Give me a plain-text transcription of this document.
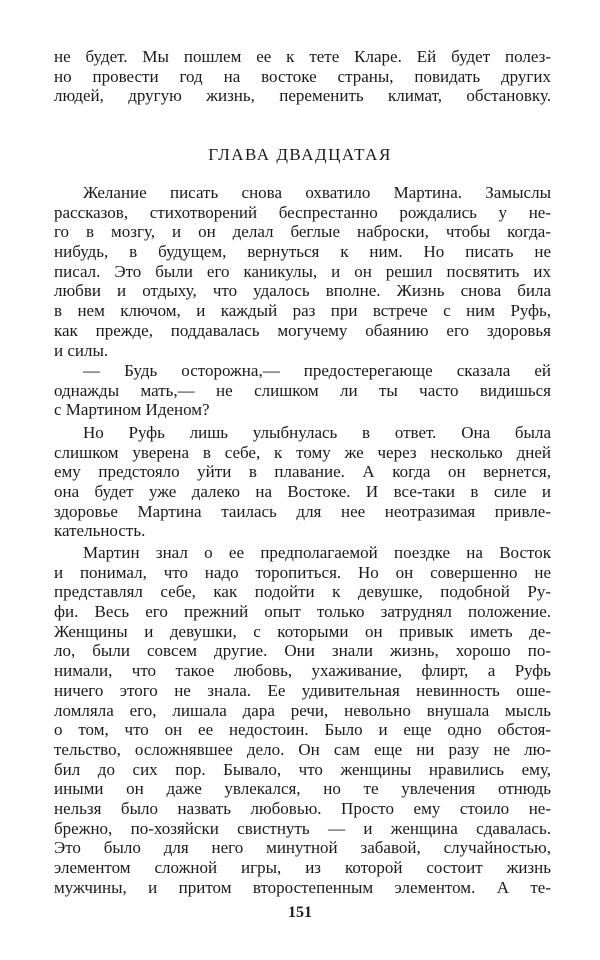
не будет. Мы пошлем ее к тете Кларе. Ей будет полез-
но провести год на востоке страны, повидать других
людей, другую жизнь, переменить климат, обстановку.
ГЛАВА ДВАДЦАТАЯ
Желание писать снова охватило Мартина. Замыслы
рассказов, стихотворений беспрестанно рождались у не-
го в мозгу, и он делал беглые наброски, чтобы когда-
нибудь, в будущем, вернуться к ним. Но писать не
писал. Это были его каникулы, и он решил посвятить их
любви и отдыху, что удалось вполне. Жизнь снова била
в нем ключом, и каждый раз при встрече с ним Руфь,
как прежде, поддавалась могучему обаянию его здоровья
и силы.
— Будь осторожна,— предостерегающе сказала ей
однажды мать,— не слишком ли ты часто видишься
с Мартином Иденом?
Но Руфь лишь улыбнулась в ответ. Она была
слишком уверена в себе, к тому же через несколько дней
ему предстояло уйти в плавание. А когда он вернется,
она будет уже далеко на Востоке. И все-таки в силе и
здоровье Мартина таилась для нее неотразимая привле-
кательность.
Мартин знал о ее предполагаемой поездке на Восток
и понимал, что надо торопиться. Но он совершенно не
представлял себе, как подойти к девушке, подобной Ру-
фи. Весь его прежний опыт только затруднял положение.
Женщины и девушки, с которыми он привык иметь де-
ло, были совсем другие. Они знали жизнь, хорошо по-
нимали, что такое любовь, ухаживание, флирт, а Руфь
ничего этого не знала. Ее удивительная невинность оше-
ломляла его, лишала дара речи, невольно внушала мысль
о том, что он ее недостоин. Было и еще одно обстоя-
тельство, осложнявшее дело. Он сам еще ни разу не лю-
бил до сих пор. Бывало, что женщины нравились ему,
иными он даже увлекался, но те увлечения отнюдь
нельзя было назвать любовью. Просто ему стоило не-
брежно, по-хозяйски свистнуть — и женщина сдавалась.
Это было для него минутной забавой, случайностью,
элементом сложной игры, из которой состоит жизнь
мужчины, и притом второстепенным элементом. А те-
151
